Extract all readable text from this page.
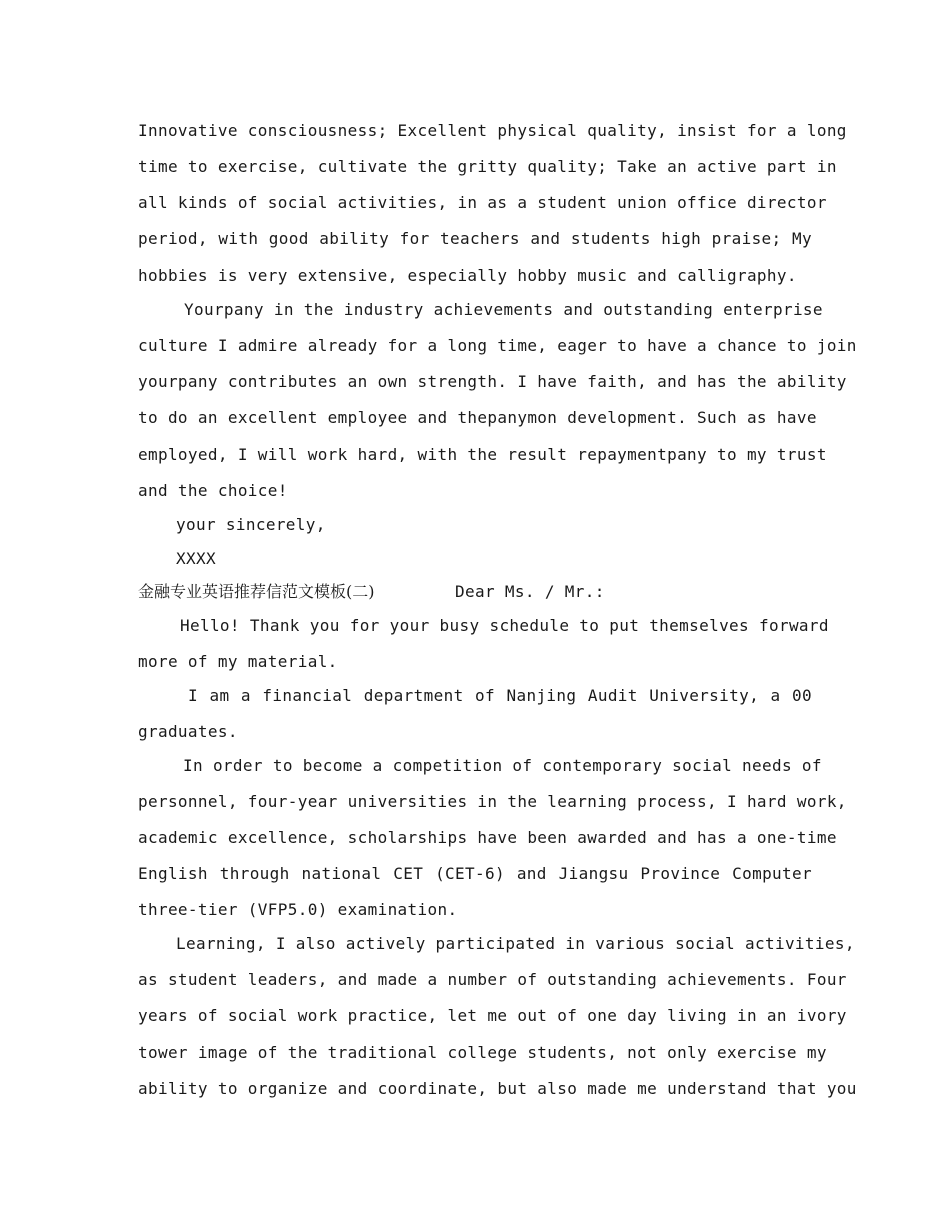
Innovative consciousness; Excellent physical quality, insist for a long
time to exercise, cultivate the gritty quality; Take an active part in
all kinds of social activities, in as a student union office director
period, with good ability for teachers and students high praise; My
hobbies is very extensive, especially hobby music and calligraphy.
Yourpany in the industry achievements and outstanding enterprise
culture I admire already for a long time, eager to have a chance to join
yourpany contributes an own strength. I have faith, and has the ability
to do an excellent employee and thepanymon development. Such as have
employed, I will work hard, with the result repaymentpany to my trust
and the choice!
your sincerely,
XXXX
金融专业英语推荐信范文模板(二)	Dear Ms. / Mr.:
Hello! Thank you for your busy schedule to put themselves forward
more of my material.
I am a financial department of Nanjing Audit University, a 00
graduates.
In order to become a competition of contemporary social needs of
personnel, four-year universities in the learning process, I hard work,
academic excellence, scholarships have been awarded and has a one-time
English through national CET (CET-6) and Jiangsu Province Computer
three-tier (VFP5.0) examination.
Learning, I also actively participated in various social activities,
as student leaders, and made a number of outstanding achievements. Four
years of social work practice, let me out of one day living in an ivory
tower image of the traditional college students, not only exercise my
ability to organize and coordinate, but also made me understand that you
